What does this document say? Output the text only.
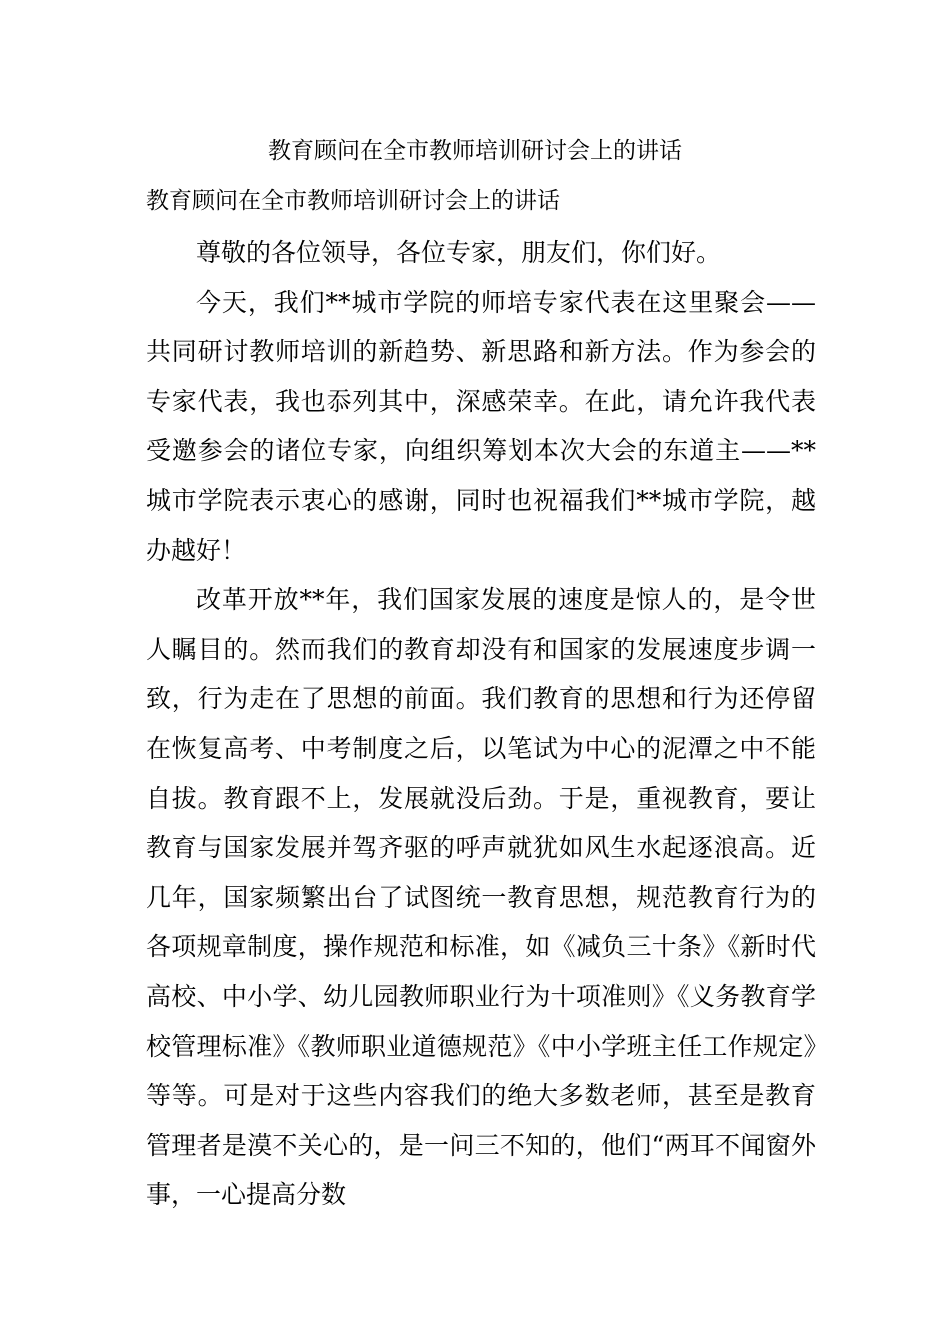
教育顾问在全市教师培训研讨会上的讲话
教育顾问在全市教师培训研讨会上的讲话

尊敬的各位领导，各位专家，朋友们，你们好。

今天，我们**城市学院的师培专家代表在这里聚会——共同研讨教师培训的新趋势、新思路和新方法。作为参会的专家代表，我也忝列其中，深感荣幸。在此，请允许我代表受邀参会的诸位专家，向组织筹划本次大会的东道主——**城市学院表示衷心的感谢，同时也祝福我们**城市学院，越办越好！

改革开放**年，我们国家发展的速度是惊人的，是令世人瞩目的。然而我们的教育却没有和国家的发展速度步调一致，行为走在了思想的前面。我们教育的思想和行为还停留在恢复高考、中考制度之后，以笔试为中心的泥潭之中不能自拔。教育跟不上，发展就没后劲。于是，重视教育，要让教育与国家发展并驾齐驱的呼声就犹如风生水起逐浪高。近几年，国家频繁出台了试图统一教育思想，规范教育行为的各项规章制度，操作规范和标准，如《减负三十条》《新时代高校、中小学、幼儿园教师职业行为十项准则》《义务教育学校管理标准》《教师职业道德规范》《中小学班主任工作规定》等等。可是对于这些内容我们的绝大多数老师，甚至是教育管理者是漠不关心的，是一问三不知的，他们“两耳不闻窗外事，一心提高分数
